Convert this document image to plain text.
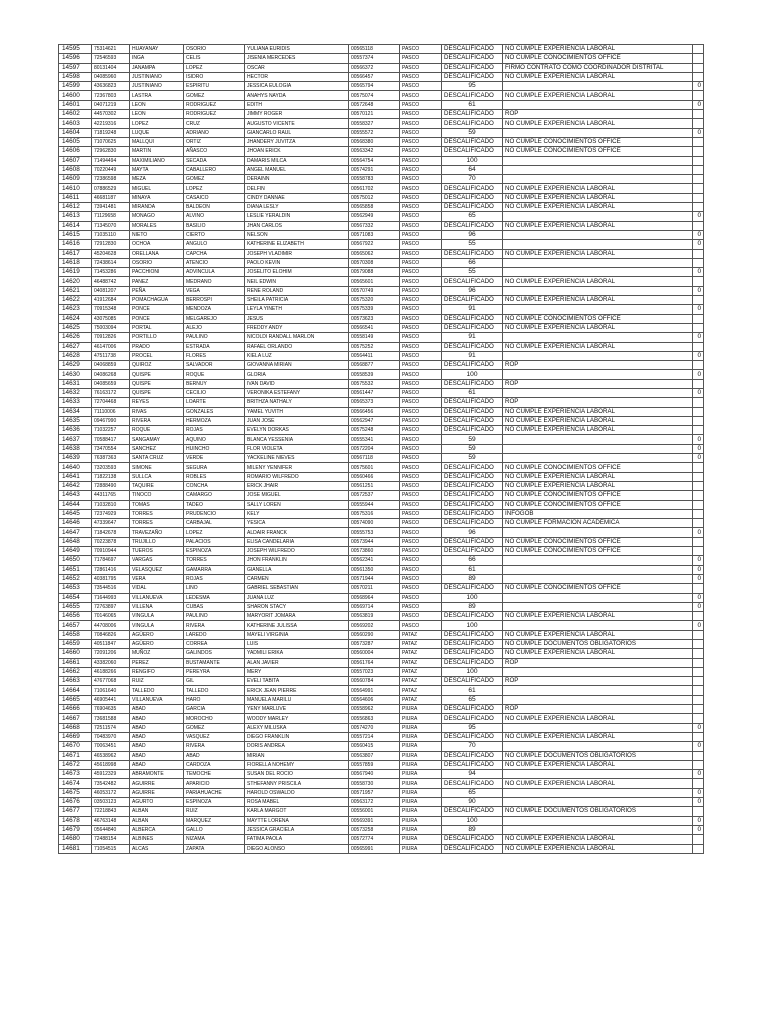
14595	75314621	HUAYANAY	OSORIO	YULIANA EURIDIS	00565118	PASCO	DESCALIFICADO	NO CUMPLE EXPERIENCIA LABORAL	
14596	72546593	INGA	CELIS	JISENIA MERCEDES	00557374	PASCO	DESCALIFICADO	NO CUMPLE CONOCIMIENTOS OFFICE	
14597	80131404	JANAMPA	LOPEZ	OSCAR	00566372	PASCO	DESCALIFICADO	FIRMO CONTRATO COMO COORDINADOR DISTRITAL	
14598	04085960	JUSTINIANO	ISIDRO	HECTOR	00566457	PASCO	DESCALIFICADO	NO CUMPLE EXPERIENCIA LABORAL	
14599	43636823	JUSTINIANO	ESPIRITU	JESSICA EULOGIA	00565794	PASCO	95		0
14600	72367803	LASTRA	GOMEZ	ANAHYS NAYDA	00575074	PASCO	DESCALIFICADO	NO CUMPLE EXPERIENCIA LABORAL	
14601	04071219	LEON	RODRIGUEZ	EDITH	00572648	PASCO	61		0
14602	44570302	LEON	RODRIGUEZ	JIMMY ROGER	00570121	PASCO	DESCALIFICADO	ROP	
14603	42219316	LOPEZ	CRUZ	AUGUSTO VICENTE	00558327	PASCO	DESCALIFICADO	NO CUMPLE EXPERIENCIA LABORAL	
14604	71819248	LUQUE	ADRIANO	GIANCARLO RAUL	00555572	PASCO	59		0
14605	71070625	MALLQUI	ORTIZ	JHANDERY JUVITZA	00568380	PASCO	DESCALIFICADO	NO CUMPLE CONOCIMIENTOS OFFICE	
14606	72962830	MARTIN	AÑASCO	JHOAN ERICK	00563342	PASCO	DESCALIFICADO	NO CUMPLE CONOCIMIENTOS OFFICE	
14607	71494494	MAXIMILIANO	SECADA	DAMARIS MILCA	00564754	PASCO	100		
14608	70220449	MAYTA	CABALLERO	ANGEL MANUEL	00574291	PASCO	64		
14609	72386598	MEZA	GOMEZ	DERAINN	00558783	PASCO	70		
14610	07886529	MIGUEL	LOPEZ	DELFIN	00561702	PASCO	DESCALIFICADO	NO CUMPLE EXPERIENCIA LABORAL	
14611	46681187	MINAYA	CASAICO	CINDY DANNAE	00575012	PASCO	DESCALIFICADO	NO CUMPLE EXPERIENCIA LABORAL	
14612	73941481	MIRANDA	BALDEON	DIANA LESLY	00565858	PASCO	DESCALIFICADO	NO CUMPLE EXPERIENCIA LABORAL	
14613	71129658	MONAGO	ALVINO	LESLIE YERALDIN	00562949	PASCO	65		0
14614	71345070	MORALES	BASILIO	JHAN CARLOS	00567332	PASCO	DESCALIFICADO	NO CUMPLE EXPERIENCIA LABORAL	
14615	71035110	NIETO	CIERTO	NELSON	00571083	PASCO	96		0
14616	72912830	OCHOA	ANGULO	KATHERINE ELIZABETH	00567922	PASCO	55		0
14617	45204628	ORELLANA	CAPCHA	JOSEPH VLADIMIR	00565062	PASCO	DESCALIFICADO	NO CUMPLE EXPERIENCIA LABORAL	
14618	72438614	OSORIO	ATENCIO	PAOLO KEVIN	00570308	PASCO	66		
14619	71453286	PACCHIONI	ADVINCULA	JOSELITO ELOHIM	00579088	PASCO	55		0
14620	46488742	PANEZ	MEDRANO	NEIL EDWIN	00565601	PASCO	DESCALIFICADO	NO CUMPLE EXPERIENCIA LABORAL	
14621	04081207	PEÑA	VEGA	RENE ROLAND	00570749	PASCO	96		0
14622	41912684	POMACHAGUA	BERROSPI	SHEILA PATRICIA	00575320	PASCO	DESCALIFICADO	NO CUMPLE EXPERIENCIA LABORAL	
14623	70915348	PONCE	MENDOZA	LEYLA YINETH	00575339	PASCO	91		0
14624	43075085	PONCE	MELGAREJO	JESUS	00573623	PASCO	DESCALIFICADO	NO CUMPLE CONOCIMIENTOS OFFICE	
14625	75003094	PORTAL	ALEJO	FREDDY ANDY	00566541	PASCO	DESCALIFICADO	NO CUMPLE EXPERIENCIA LABORAL	
14626	70912826	PORTILLO	PAULINO	NICOLDI RANDALL MARLON	00558149	PASCO	91		0
14627	46147006	PRADO	ESTRADA	RAFAEL ORLANDO	00575252	PASCO	DESCALIFICADO	NO CUMPLE EXPERIENCIA LABORAL	
14628	47511738	PROCEL	FLORES	KIELA LUZ	00564411	PASCO	91		0
14629	04068859	QUIROZ	SALVADOR	GIOVANNA MIRIAN	00568877	PASCO	DESCALIFICADO	ROP	
14630	04086268	QUISPE	ROQUE	GLORIA	00558539	PASCO	100		0
14631	04085659	QUISPE	BERNUY	IVAN DAVID	00575532	PASCO	DESCALIFICADO	ROP	
14632	76163172	QUISPE	CECILIO	VERONIKA ESTEFANY	00561447	PASCO	61		0
14633	72704468	REYES	LOARTE	BRITHZA NATHALY	00565373	PASCO	DESCALIFICADO	ROP	
14634	71110006	RIVAS	GONZALES	YAMEL YUVITH	00566456	PASCO	DESCALIFICADO	NO CUMPLE EXPERIENCIA LABORAL	
14635	09467990	RIVERA	HERMOZA	JUAN JOSE	00562947	PASCO	DESCALIFICADO	NO CUMPLE EXPERIENCIA LABORAL	
14636	71032257	ROQUE	ROJAS	EVELYN DORKAS	00575248	PASCO	DESCALIFICADO	NO CUMPLE EXPERIENCIA LABORAL	
14637	70588417	SANGAMAY	AQUINO	BLANCA YESSENIA	00555341	PASCO	59		0
14638	73470554	SANCHEZ	HUINCHO	FLOR VIOLETA	00572204	PASCO	59		0
14639	76387363	SANTA CRUZ	VERDE	YACKELINE NIEVES	00567118	PASCO	59		0
14640	73203593	SIMONE	SEGURA	MILENY YENNIFER	00575601	PASCO	DESCALIFICADO	NO CUMPLE CONOCIMIENTOS OFFICE	
14641	71822138	SULLCA	ROBLES	ROMARIO WILFREDO	00560466	PASCO	DESCALIFICADO	NO CUMPLE EXPERIENCIA LABORAL	
14642	72888490	TAQUIRE	CONCHA	ERICK JHAIR	00561251	PASCO	DESCALIFICADO	NO CUMPLE EXPERIENCIA LABORAL	
14643	44311765	TINOCO	CAMARGO	JOSE MIGUEL	00572537	PASCO	DESCALIFICADO	NO CUMPLE CONOCIMIENTOS OFFICE	
14644	71032810	TOMAS	TADEO	SALLY LOREN	00555944	PASCO	DESCALIFICADO	NO CUMPLE CONOCIMIENTOS OFFICE	
14645	72374929	TORRES	PRUDENCIO	KELY	00575316	PASCO	DESCALIFICADO	INFOGOB	
14646	47339647	TORRES	CARBAJAL	YESICA	00574090	PASCO	DESCALIFICADO	NO CUMPLE FORMACIÓN ACADÉMICA	
14647	71842678	TRAVEZAÑO	LOPEZ	ALDAIR FRANCK	00555753	PASCO	96		0
14648	70223878	TRUJILLO	PALACIOS	ELISA CANDELARIA	00573944	PASCO	DESCALIFICADO	NO CUMPLE CONOCIMIENTOS OFFICE	
14649	70910944	TUEROS	ESPINOZA	JOSEPH WILFREDO	00573860	PASCO	DESCALIFICADO	NO CUMPLE CONOCIMIENTOS OFFICE	
14650	71784697	VARGAS	TORRES	JHON FRANKLIN	00562341	PASCO	66		0
14651	72861416	VELASQUEZ	GAMARRA	GIANELLA	00561350	PASCO	61		0
14652	40381795	VERA	ROJAS	CARMEN	00571944	PASCO	89		0
14653	73544516	VIDAL	LINO	GABRIEL SEBASTIAN	00570211	PASCO	DESCALIFICADO	NO CUMPLE CONOCIMIENTOS OFFICE	
14654	71644993	VILLANUEVA	LEDESMA	JUANA LUZ	00568964	PASCO	100		0
14655	72763897	VILLENA	CUBAS	SHARON STACY	00569714	PASCO	89		0
14656	70146065	VINGULA	PAULINO	MARYORIT JOMARA	00563819	PASCO	DESCALIFICADO	NO CUMPLE EXPERIENCIA LABORAL	
14657	44708006	VINGULA	RIVERA	KATHERINE JULISSA	00569202	PASCO	100		0
14658	70846826	AGÜERO	LAREDO	MAYELI VIRGINIA	00560290	PATAZ	DESCALIFICADO	NO CUMPLE EXPERIENCIA LABORAL	
14659	40511847	AGÜERO	CORREA	LUIS	00573287	PATAZ	DESCALIFICADO	NO CUMPLE DOCUMENTOS OBLIGATORIOS	
14660	72091206	MUÑOZ	GALINDOS	YADMILI ERIKA	00560004	PATAZ	DESCALIFICADO	NO CUMPLE EXPERIENCIA LABORAL	
14661	43382060	PEREZ	BUSTAMANTE	ALAN JAVIER	00561764	PATAZ	DESCALIFICADO	ROP	
14662	46188266	RENGIFO	PEREYRA	MERY	00557023	PATAZ	100		
14663	47677068	RUIZ	GIL	EVELI TABITA	00560784	PATAZ	DESCALIFICADO	ROP	
14664	71061640	TALLEDO	TALLEDO	ERICK JEAN PIERRE	00564991	PATAZ	61		
14665	46905441	VILLANUEVA	HARO	MANUELA MARILU	00564606	PATAZ	65		
14666	76904635	ABAD	GARCIA	YENY MARLUVE	00558962	PIURA	DESCALIFICADO	ROP	
14667	73681588	ABAD	MOROCHO	WOODY MARLEY	00556863	PIURA	DESCALIFICADO	NO CUMPLE EXPERIENCIA LABORAL	
14668	72511574	ABAD	GOMEZ	ALEXY MILUSKA	00574270	PIURA	95		0
14669	70483970	ABAD	VASQUEZ	DIEGO FRANKLIN	00557214	PIURA	DESCALIFICADO	NO CUMPLE EXPERIENCIA LABORAL	
14670	70063451	ABAD	RIVERA	DORIS ANDREA	00560415	PIURA	70		0
14671	46538962	ABAD	ABAD	MIRIAN	00563807	PIURA	DESCALIFICADO	NO CUMPLE DOCUMENTOS OBLIGATORIOS	
14672	45618998	ABAD	CARDOZA	FIORELLA NOHEMY	00557859	PIURA	DESCALIFICADO	NO CUMPLE EXPERIENCIA LABORAL	
14673	45912329	ABRAMONTE	TEMOCHE	SUSAN DEL ROCIO	00567940	PIURA	94		0
14674	73542482	AGUIRRE	APARICIO	STHEFANNY PRISCILA	00558730	PIURA	DESCALIFICADO	NO CUMPLE EXPERIENCIA LABORAL	
14675	46053172	AGUIRRE	PARIAHUACHE	HAROLD OSWALDO	00571957	PIURA	65		0
14676	03503123	AGURTO	ESPINOZA	ROSA MABEL	00563172	PIURA	90		0
14677	72218843	ALBAN	RUIZ	KARLA MARGOT	00556001	PIURA	DESCALIFICADO	NO CUMPLE DOCUMENTOS OBLIGATORIOS	
14678	46763148	ALBAN	MARQUEZ	MAYTTE LORENA	00569391	PIURA	100		0
14679	05644840	ALBERCA	GALLO	JESSICA GRACIELA	00573258	PIURA	89		0
14680	72488154	ALBINES	NIZAMA	FATIMA PAOLA	00572774	PIURA	DESCALIFICADO	NO CUMPLE EXPERIENCIA LABORAL	
14681	71054515	ALCAS	ZAPATA	DIEGO ALONSO	00565991	PIURA	DESCALIFICADO	NO CUMPLE EXPERIENCIA LABORAL	
